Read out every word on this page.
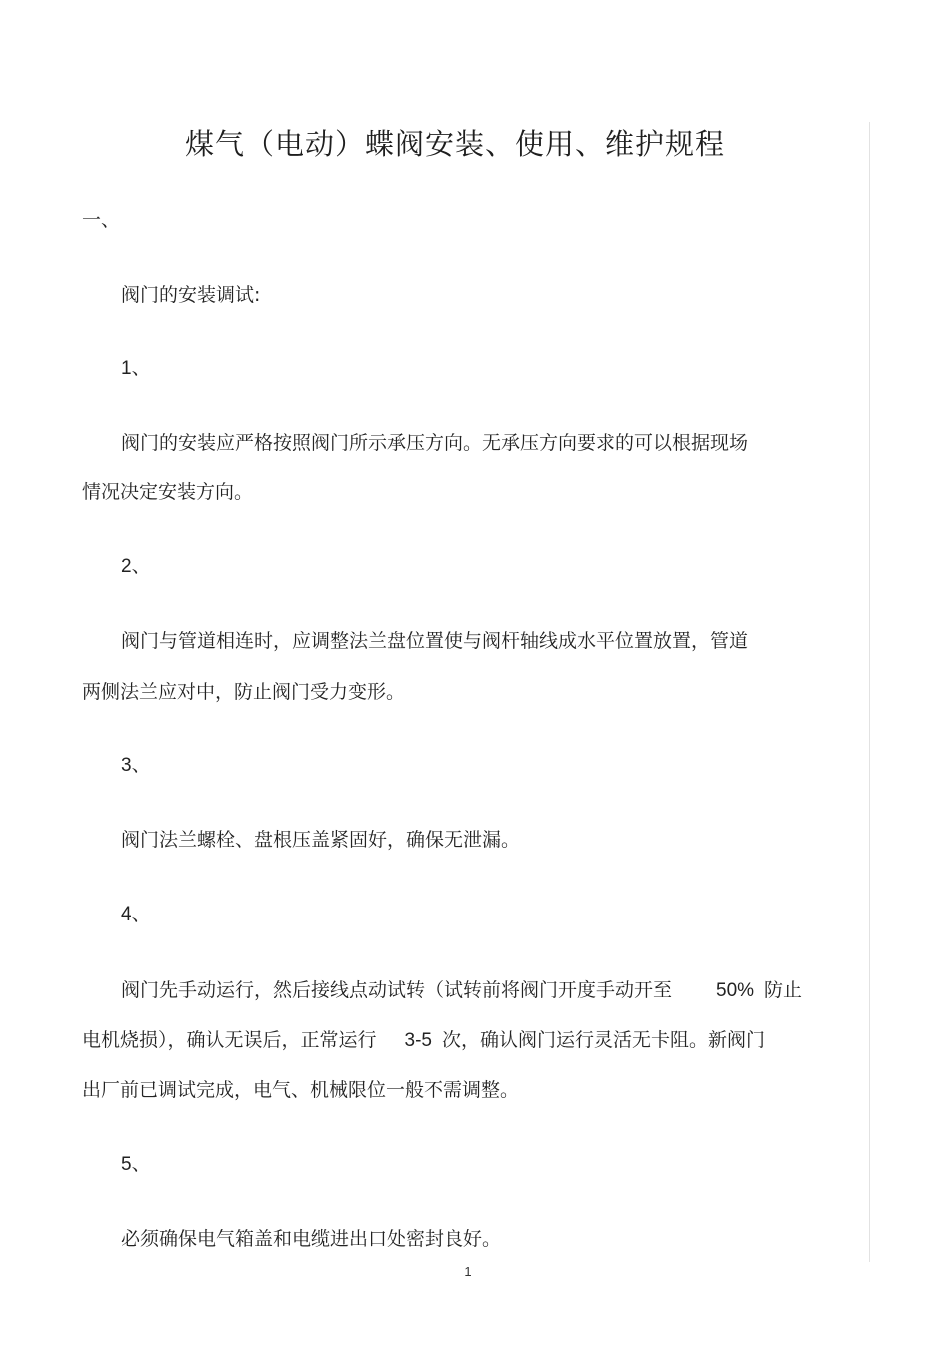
煤气（电动）蝶阀安装、使用、维护规程
一、
阀门的安装调试:
1、
阀门的安装应严格按照阀门所示承压方向。无承压方向要求的可以根据现场
情况决定安装方向。
2、
阀门与管道相连时，应调整法兰盘位置使与阀杆轴线成水平位置放置，管道
两侧法兰应对中，防止阀门受力变形。
3、
阀门法兰螺栓、盘根压盖紧固好，确保无泄漏。
4、
阀门先手动运行，然后接线点动试转（试转前将阀门开度手动开至 50% 防止
电机烧损），确认无误后，正常运行 3-5 次，确认阀门运行灵活无卡阻。新阀门
出厂前已调试完成，电气、机械限位一般不需调整。
5、
必须确保电气箱盖和电缆进出口处密封良好。
1
